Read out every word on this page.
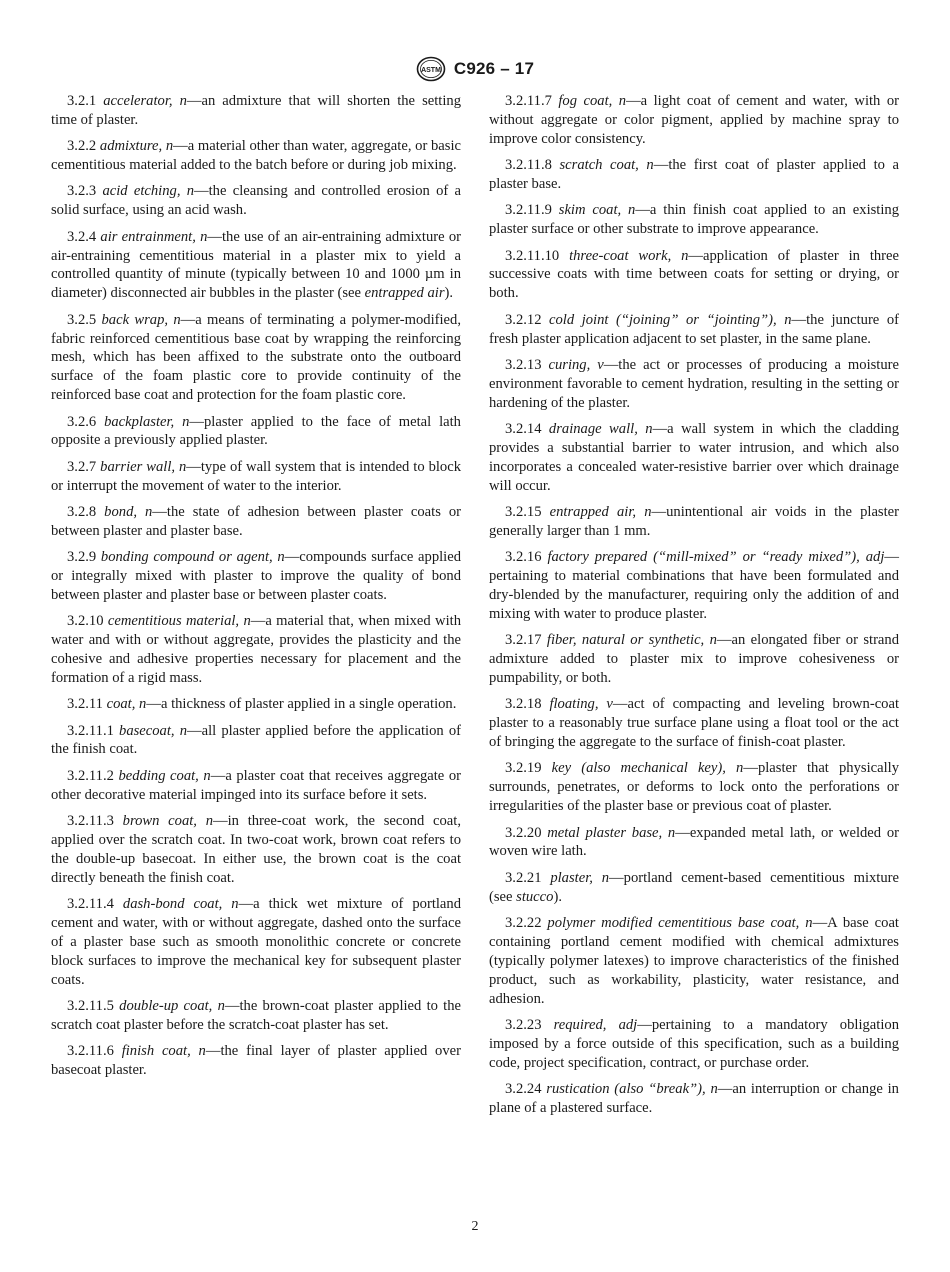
ASTM C926 – 17

3.2.1 accelerator, n—an admixture that will shorten the setting time of plaster.

3.2.2 admixture, n—a material other than water, aggregate, or basic cementitious material added to the batch before or during job mixing.

3.2.3 acid etching, n—the cleansing and controlled erosion of a solid surface, using an acid wash.

3.2.4 air entrainment, n—the use of an air-entraining admixture or air-entraining cementitious material in a plaster mix to yield a controlled quantity of minute (typically between 10 and 1000 µm in diameter) disconnected air bubbles in the plaster (see entrapped air).

3.2.5 back wrap, n—a means of terminating a polymer-modified, fabric reinforced cementitious base coat by wrapping the reinforcing mesh, which has been affixed to the substrate onto the outboard surface of the foam plastic core to provide continuity of the reinforced base coat and protection for the foam plastic core.

3.2.6 backplaster, n—plaster applied to the face of metal lath opposite a previously applied plaster.

3.2.7 barrier wall, n—type of wall system that is intended to block or interrupt the movement of water to the interior.

3.2.8 bond, n—the state of adhesion between plaster coats or between plaster and plaster base.

3.2.9 bonding compound or agent, n—compounds surface applied or integrally mixed with plaster to improve the quality of bond between plaster and plaster base or between plaster coats.

3.2.10 cementitious material, n—a material that, when mixed with water and with or without aggregate, provides the plasticity and the cohesive and adhesive properties necessary for placement and the formation of a rigid mass.

3.2.11 coat, n—a thickness of plaster applied in a single operation.

3.2.11.1 basecoat, n—all plaster applied before the application of the finish coat.

3.2.11.2 bedding coat, n—a plaster coat that receives aggregate or other decorative material impinged into its surface before it sets.

3.2.11.3 brown coat, n—in three-coat work, the second coat, applied over the scratch coat. In two-coat work, brown coat refers to the double-up basecoat. In either use, the brown coat is the coat directly beneath the finish coat.

3.2.11.4 dash-bond coat, n—a thick wet mixture of portland cement and water, with or without aggregate, dashed onto the surface of a plaster base such as smooth monolithic concrete or concrete block surfaces to improve the mechanical key for subsequent plaster coats.

3.2.11.5 double-up coat, n—the brown-coat plaster applied to the scratch coat plaster before the scratch-coat plaster has set.

3.2.11.6 finish coat, n—the final layer of plaster applied over basecoat plaster.

3.2.11.7 fog coat, n—a light coat of cement and water, with or without aggregate or color pigment, applied by machine spray to improve color consistency.

3.2.11.8 scratch coat, n—the first coat of plaster applied to a plaster base.

3.2.11.9 skim coat, n—a thin finish coat applied to an existing plaster surface or other substrate to improve appearance.

3.2.11.10 three-coat work, n—application of plaster in three successive coats with time between coats for setting or drying, or both.

3.2.12 cold joint (“joining” or “jointing”), n—the juncture of fresh plaster application adjacent to set plaster, in the same plane.

3.2.13 curing, v—the act or processes of producing a moisture environment favorable to cement hydration, resulting in the setting or hardening of the plaster.

3.2.14 drainage wall, n—a wall system in which the cladding provides a substantial barrier to water intrusion, and which also incorporates a concealed water-resistive barrier over which drainage will occur.

3.2.15 entrapped air, n—unintentional air voids in the plaster generally larger than 1 mm.

3.2.16 factory prepared (“mill-mixed” or “ready mixed”), adj—pertaining to material combinations that have been formulated and dry-blended by the manufacturer, requiring only the addition of and mixing with water to produce plaster.

3.2.17 fiber, natural or synthetic, n—an elongated fiber or strand admixture added to plaster mix to improve cohesiveness or pumpability, or both.

3.2.18 floating, v—act of compacting and leveling brown-coat plaster to a reasonably true surface plane using a float tool or the act of bringing the aggregate to the surface of finish-coat plaster.

3.2.19 key (also mechanical key), n—plaster that physically surrounds, penetrates, or deforms to lock onto the perforations or irregularities of the plaster base or previous coat of plaster.

3.2.20 metal plaster base, n—expanded metal lath, or welded or woven wire lath.

3.2.21 plaster, n—portland cement-based cementitious mixture (see stucco).

3.2.22 polymer modified cementitious base coat, n—A base coat containing portland cement modified with chemical admixtures (typically polymer latexes) to improve characteristics of the finished product, such as workability, plasticity, water resistance, and adhesion.

3.2.23 required, adj—pertaining to a mandatory obligation imposed by a force outside of this specification, such as a building code, project specification, contract, or purchase order.

3.2.24 rustication (also “break”), n—an interruption or change in plane of a plastered surface.

2
